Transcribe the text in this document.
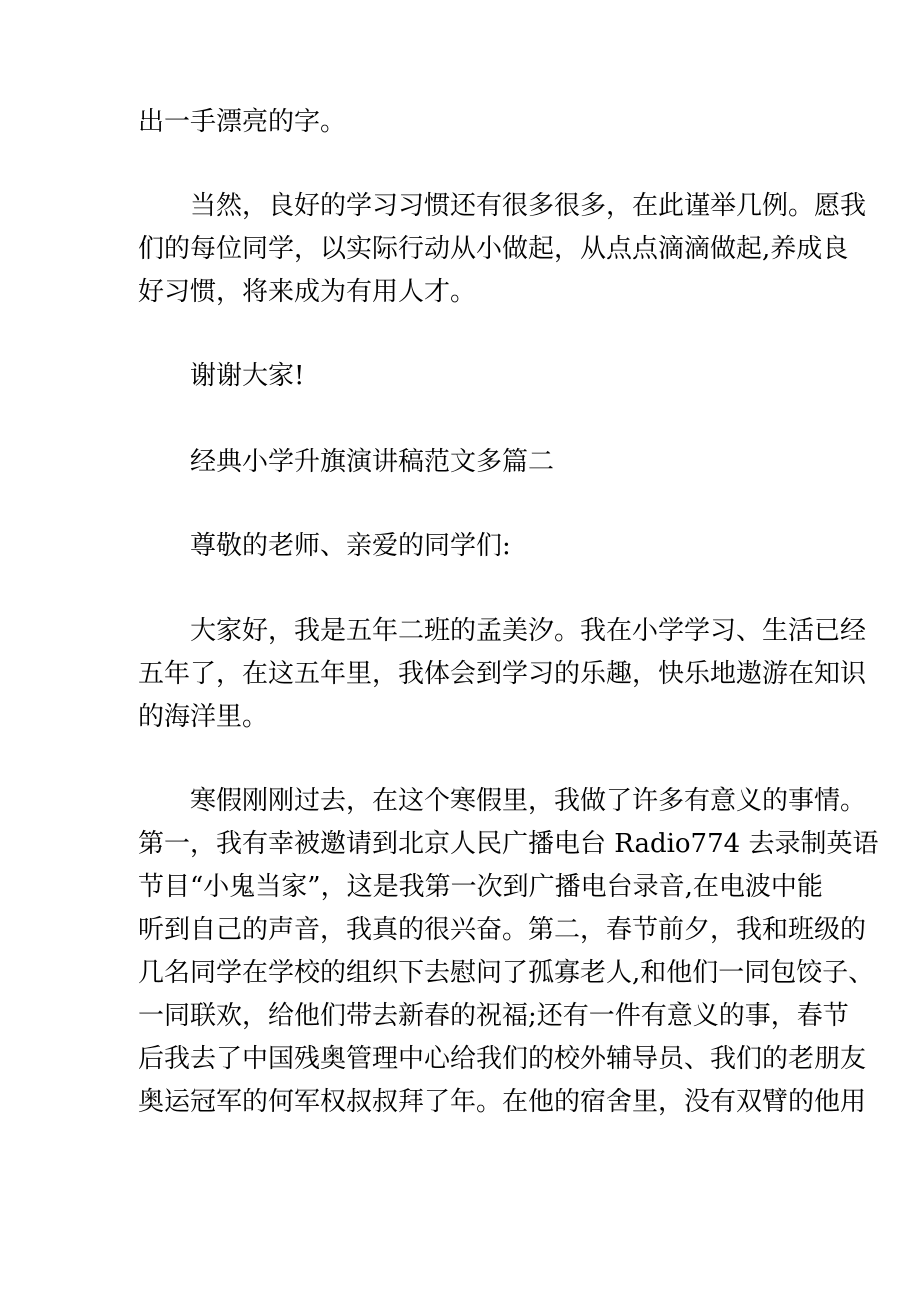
出一手漂亮的字。
当然，良好的学习习惯还有很多很多，在此谨举几例。愿我
们的每位同学，以实际行动从小做起，从点点滴滴做起,养成良
好习惯，将来成为有用人才。
谢谢大家!
经典小学升旗演讲稿范文多篇二
尊敬的老师、亲爱的同学们:
大家好，我是五年二班的孟美汐。我在小学学习、生活已经
五年了，在这五年里，我体会到学习的乐趣，快乐地遨游在知识
的海洋里。
寒假刚刚过去，在这个寒假里，我做了许多有意义的事情。
第一，我有幸被邀请到北京人民广播电台 Radio774 去录制英语
节目“小鬼当家”，这是我第一次到广播电台录音,在电波中能
听到自己的声音，我真的很兴奋。第二，春节前夕，我和班级的
几名同学在学校的组织下去慰问了孤寡老人,和他们一同包饺子、
一同联欢，给他们带去新春的祝福;还有一件有意义的事，春节
后我去了中国残奥管理中心给我们的校外辅导员、我们的老朋友
奥运冠军的何军权叔叔拜了年。在他的宿舍里，没有双臂的他用
